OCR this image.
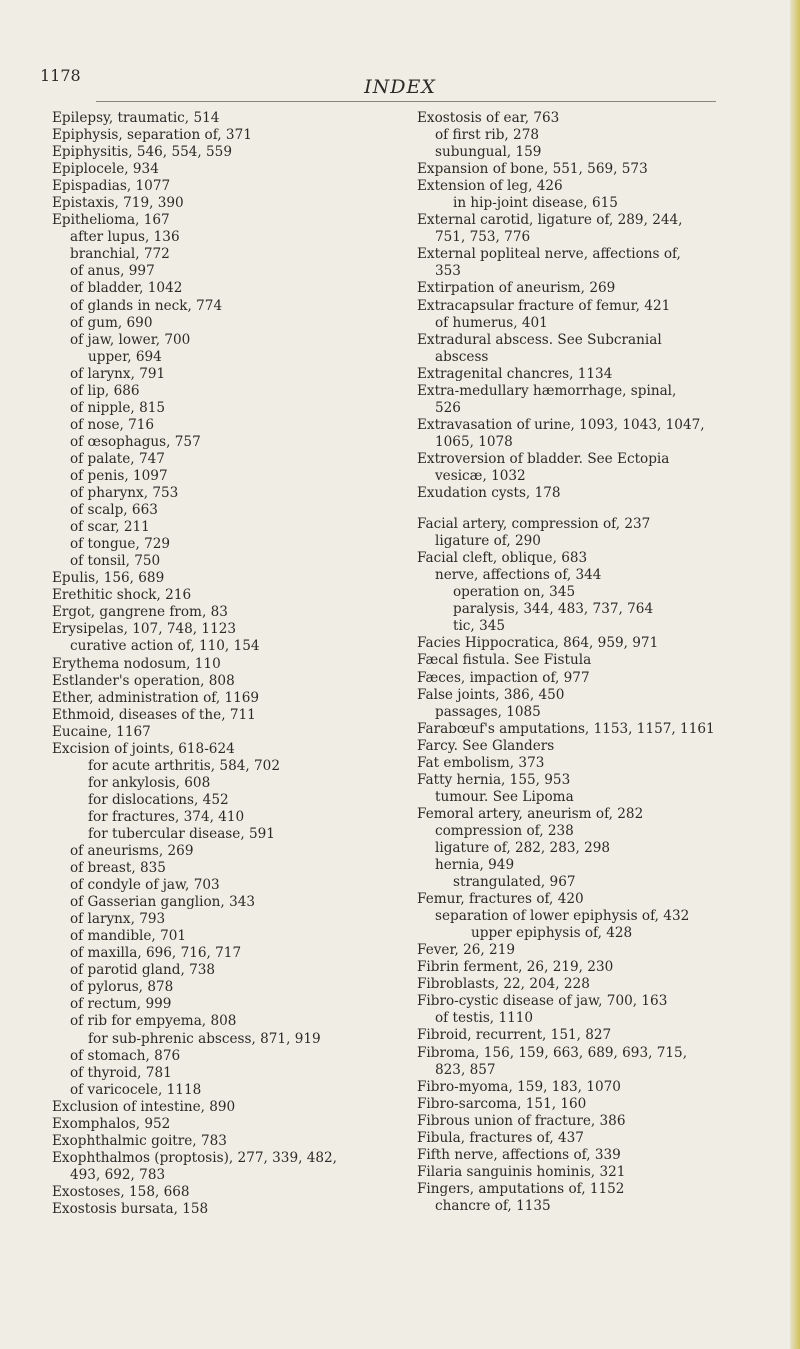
1178
INDEX
Epilepsy, traumatic, 514
Epiphysis, separation of, 371
Epiphysitis, 546, 554, 559
Epiplocele, 934
Epispadias, 1077
Epistaxis, 719, 390
Epithelioma, 167
after lupus, 136
branchial, 772
of anus, 997
of bladder, 1042
of glands in neck, 774
of gum, 690
of jaw, lower, 700
upper, 694
of larynx, 791
of lip, 686
of nipple, 815
of nose, 716
of œsophagus, 757
of palate, 747
of penis, 1097
of pharynx, 753
of scalp, 663
of scar, 211
of tongue, 729
of tonsil, 750
Epulis, 156, 689
Erethitic shock, 216
Ergot, gangrene from, 83
Erysipelas, 107, 748, 1123
curative action of, 110, 154
Erythema nodosum, 110
Estlander's operation, 808
Ether, administration of, 1169
Ethmoid, diseases of the, 711
Eucaine, 1167
Excision of joints, 618-624
for acute arthritis, 584, 702
for ankylosis, 608
for dislocations, 452
for fractures, 374, 410
for tubercular disease, 591
of aneurisms, 269
of breast, 835
of condyle of jaw, 703
of Gasserian ganglion, 343
of larynx, 793
of mandible, 701
of maxilla, 696, 716, 717
of parotid gland, 738
of pylorus, 878
of rectum, 999
of rib for empyema, 808
for sub-phrenic abscess, 871, 919
of stomach, 876
of thyroid, 781
of varicocele, 1118
Exclusion of intestine, 890
Exomphalos, 952
Exophthalmic goitre, 783
Exophthalmos (proptosis), 277, 339, 482,
493, 692, 783
Exostoses, 158, 668
Exostosis bursata, 158
Exostosis of ear, 763
of first rib, 278
subungual, 159
Expansion of bone, 551, 569, 573
Extension of leg, 426
in hip-joint disease, 615
External carotid, ligature of, 289, 244,
751, 753, 776
External popliteal nerve, affections of,
353
Extirpation of aneurism, 269
Extracapsular fracture of femur, 421
of humerus, 401
Extradural abscess. See Subcranial
abscess
Extragenital chancres, 1134
Extra-medullary hæmorrhage, spinal,
526
Extravasation of urine, 1093, 1043, 1047,
1065, 1078
Extroversion of bladder. See Ectopia
vesicæ, 1032
Exudation cysts, 178
Facial artery, compression of, 237
ligature of, 290
Facial cleft, oblique, 683
nerve, affections of, 344
operation on, 345
paralysis, 344, 483, 737, 764
tic, 345
Facies Hippocratica, 864, 959, 971
Fæcal fistula. See Fistula
Fæces, impaction of, 977
False joints, 386, 450
passages, 1085
Farabœuf's amputations, 1153, 1157, 1161
Farcy. See Glanders
Fat embolism, 373
Fatty hernia, 155, 953
tumour. See Lipoma
Femoral artery, aneurism of, 282
compression of, 238
ligature of, 282, 283, 298
hernia, 949
strangulated, 967
Femur, fractures of, 420
separation of lower epiphysis of, 432
upper epiphysis of, 428
Fever, 26, 219
Fibrin ferment, 26, 219, 230
Fibroblasts, 22, 204, 228
Fibro-cystic disease of jaw, 700, 163
of testis, 1110
Fibroid, recurrent, 151, 827
Fibroma, 156, 159, 663, 689, 693, 715,
823, 857
Fibro-myoma, 159, 183, 1070
Fibro-sarcoma, 151, 160
Fibrous union of fracture, 386
Fibula, fractures of, 437
Fifth nerve, affections of, 339
Filaria sanguinis hominis, 321
Fingers, amputations of, 1152
chancre of, 1135
